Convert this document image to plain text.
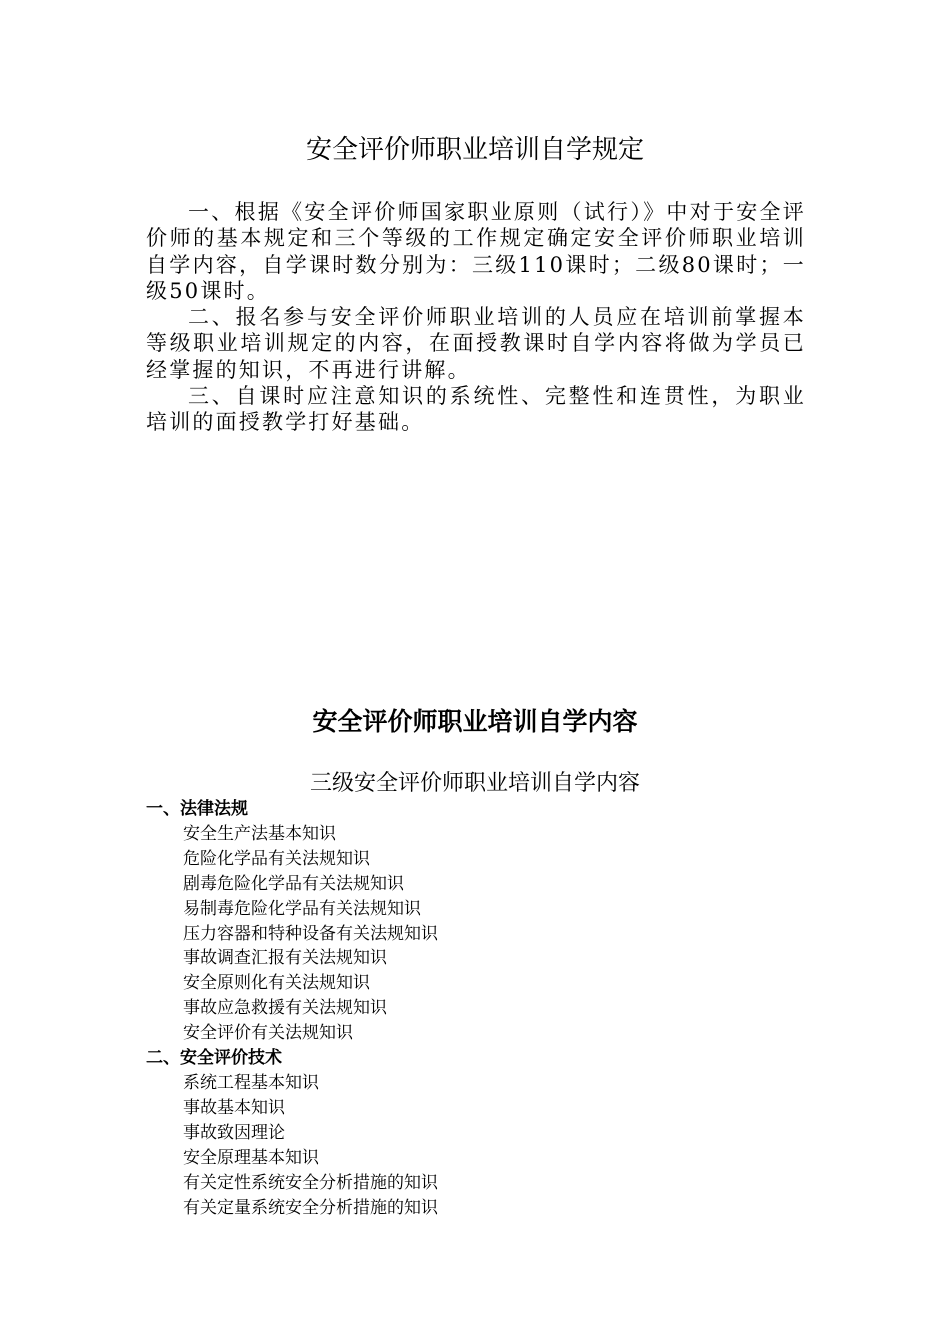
安全评价师职业培训自学规定

一、根据《安全评价师国家职业原则（试行）》中对于安全评价师的基本规定和三个等级的工作规定确定安全评价师职业培训自学内容，自学课时数分别为：三级110课时；二级80课时；一级50课时。

二、报名参与安全评价师职业培训的人员应在培训前掌握本等级职业培训规定的内容，在面授教课时自学内容将做为学员已经掌握的知识，不再进行讲解。

三、自课时应注意知识的系统性、完整性和连贯性，为职业培训的面授教学打好基础。

安全评价师职业培训自学内容
三级安全评价师职业培训自学内容
一、法律法规
安全生产法基本知识
危险化学品有关法规知识
剧毒危险化学品有关法规知识
易制毒危险化学品有关法规知识
压力容器和特种设备有关法规知识
事故调查汇报有关法规知识
安全原则化有关法规知识
事故应急救援有关法规知识
安全评价有关法规知识
二、安全评价技术
系统工程基本知识
事故基本知识
事故致因理论
安全原理基本知识
有关定性系统安全分析措施的知识
有关定量系统安全分析措施的知识
